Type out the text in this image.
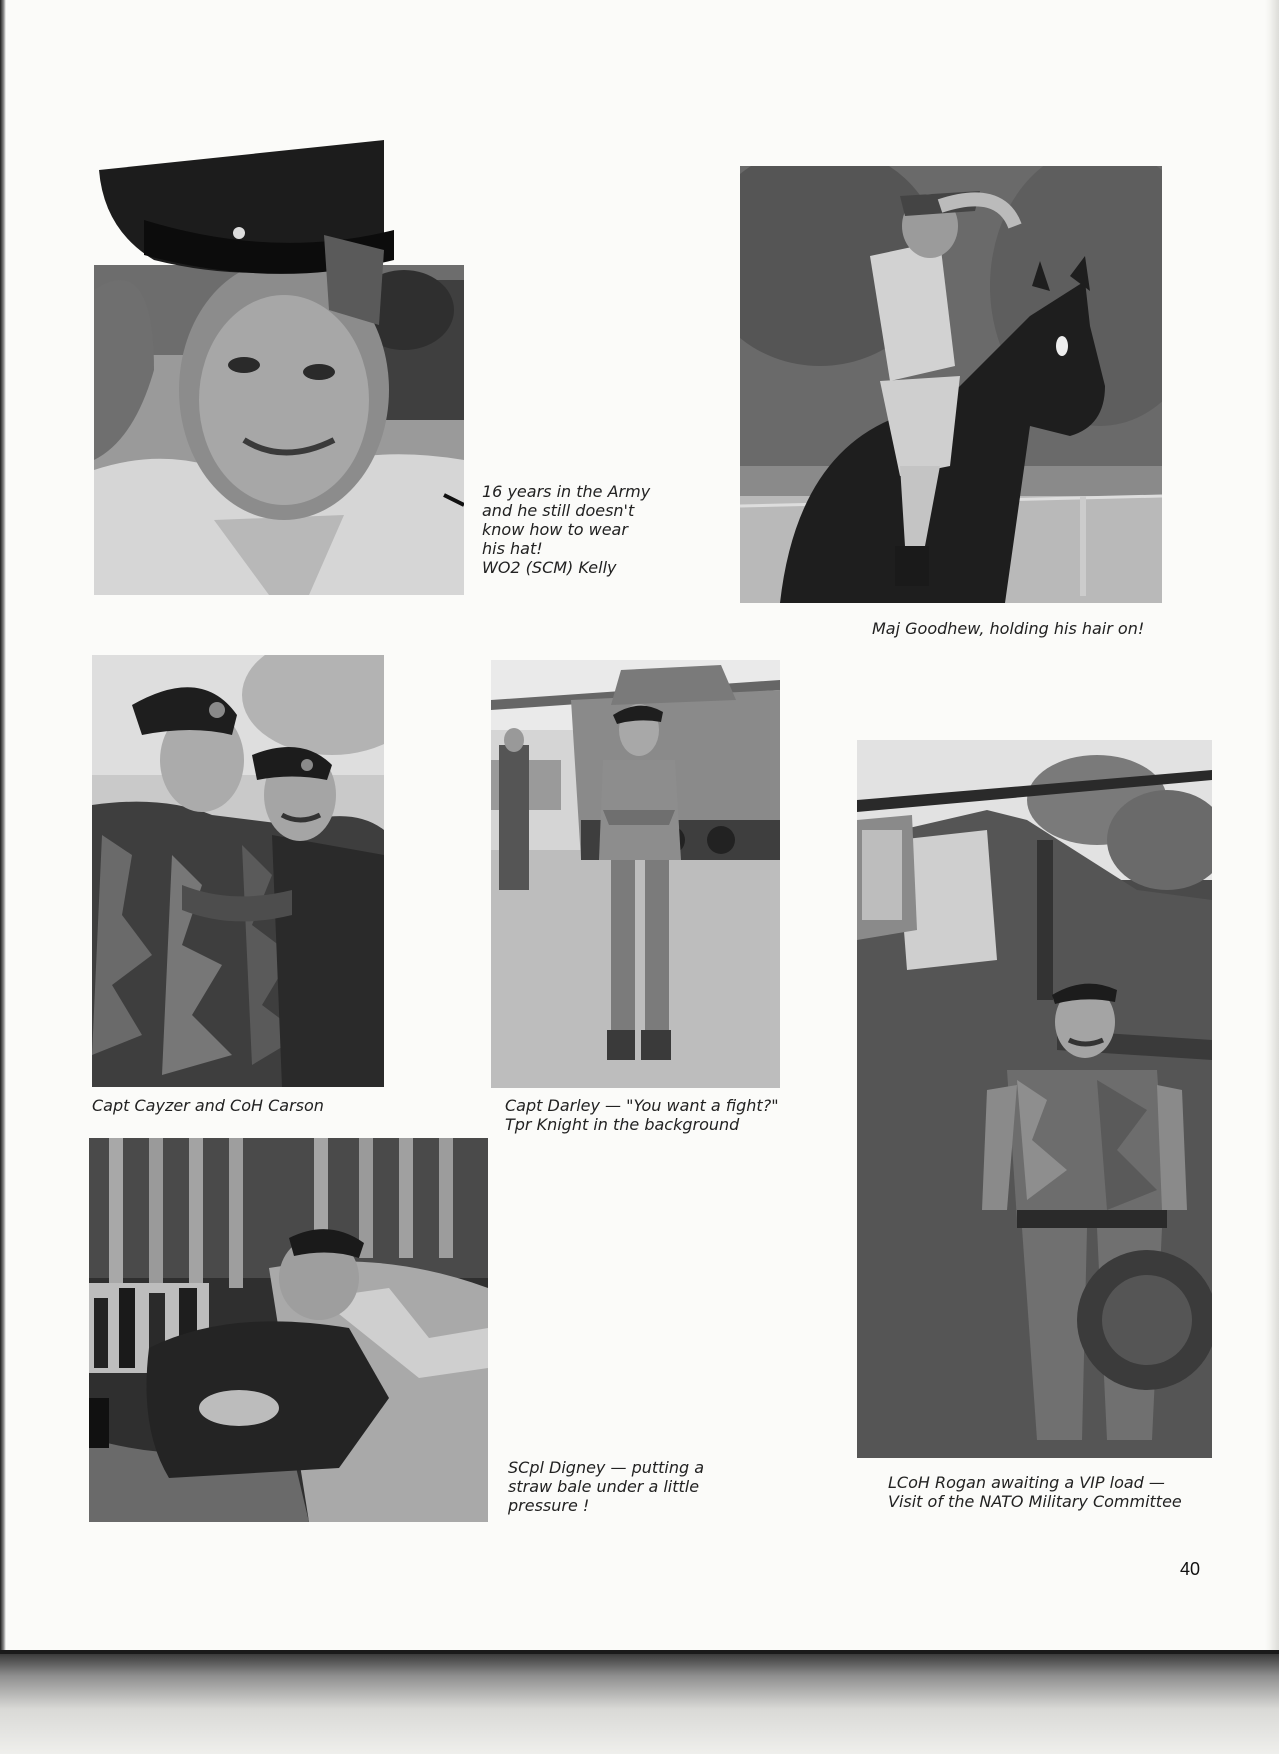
16 years in the Army
and he still doesn't
know how to wear
his hat!
WO2 (SCM) Kelly

Maj Goodhew, holding his hair on!

Capt Cayzer and CoH Carson	Capt Darley — "You want a fight?"
Tpr Knight in the background

LCoH Rogan awaiting a VIP load —
Visit of the NATO Military Committee

SCpl Digney — putting a
straw bale under a little
pressure !

40
